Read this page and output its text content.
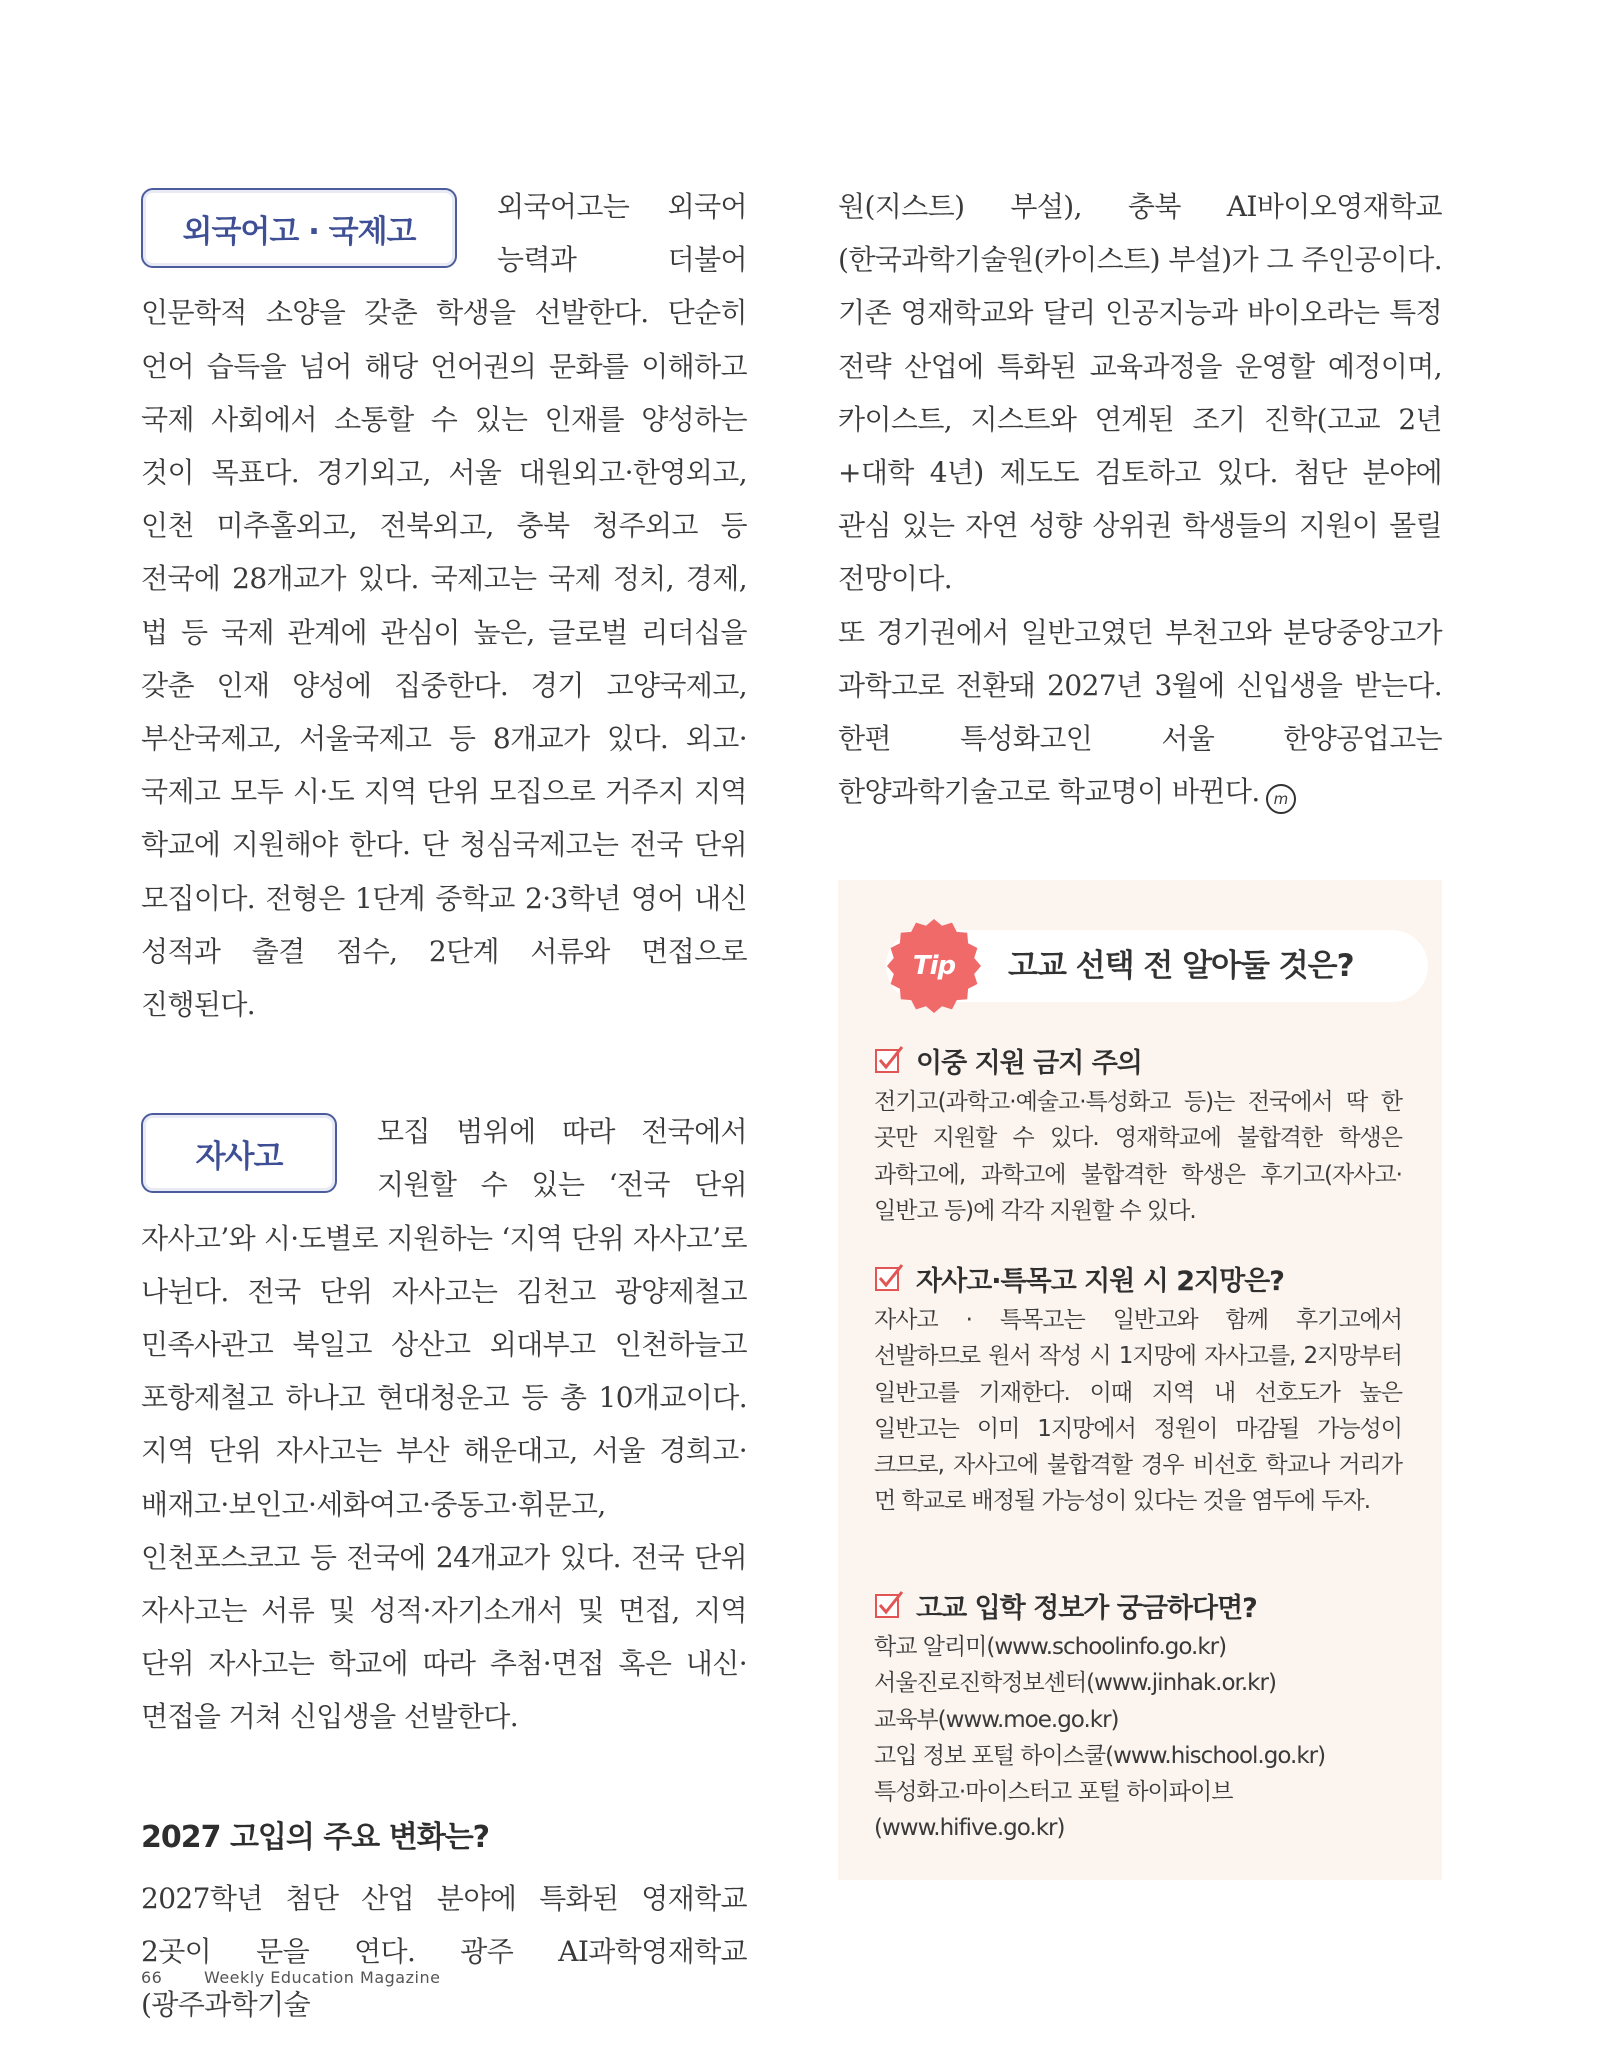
외국어고 · 국제고

외국어고는 외국어 능력과 더불어 인문학적 소양을 갖춘 학생을 선발한다. 단순히 언어 습득을 넘어 해당 언어권의 문화를 이해하고 국제 사회에서 소통할 수 있는 인재를 양성하는 것이 목표다. 경기외고, 서울 대원외고·한영외고, 인천 미추홀외고, 전북외고, 충북 청주외고 등 전국에 28개교가 있다. 국제고는 국제 정치, 경제, 법 등 국제 관계에 관심이 높은, 글로벌 리더십을 갖춘 인재 양성에 집중한다. 경기 고양국제고, 부산국제고, 서울국제고 등 8개교가 있다. 외고·국제고 모두 시·도 지역 단위 모집으로 거주지 지역 학교에 지원해야 한다. 단 청심국제고는 전국 단위 모집이다. 전형은 1단계 중학교 2·3학년 영어 내신 성적과 출결 점수, 2단계 서류와 면접으로 진행된다.

자사고

모집 범위에 따라 전국에서 지원할 수 있는 ‘전국 단위 자사고’와 시·도별로 지원하는 ‘지역 단위 자사고’로 나뉜다. 전국 단위 자사고는 김천고 광양제철고 민족사관고 북일고 상산고 외대부고 인천하늘고 포항제철고 하나고 현대청운고 등 총 10개교이다. 지역 단위 자사고는 부산 해운대고, 서울 경희고·배재고·보인고·세화여고·중동고·휘문고, 인천포스코고 등 전국에 24개교가 있다. 전국 단위 자사고는 서류 및 성적·자기소개서 및 면접, 지역 단위 자사고는 학교에 따라 추첨·면접 혹은 내신·면접을 거쳐 신입생을 선발한다.

2027 고입의 주요 변화는?

2027학년 첨단 산업 분야에 특화된 영재학교 2곳이 문을 연다. 광주 AI과학영재학교(광주과학기술

원(지스트) 부설), 충북 AI바이오영재학교(한국과학기술원(카이스트) 부설)가 그 주인공이다. 기존 영재학교와 달리 인공지능과 바이오라는 특정 전략 산업에 특화된 교육과정을 운영할 예정이며, 카이스트, 지스트와 연계된 조기 진학(고교 2년+대학 4년) 제도도 검토하고 있다. 첨단 분야에 관심 있는 자연 성향 상위권 학생들의 지원이 몰릴 전망이다.

또 경기권에서 일반고였던 부천고와 분당중앙고가 과학고로 전환돼 2027년 3월에 신입생을 받는다. 한편 특성화고인 서울 한양공업고는 한양과학기술고로 학교명이 바뀐다. m

Tip	고교 선택 전 알아둘 것은?
이중 지원 금지 주의

전기고(과학고·예술고·특성화고 등)는 전국에서 딱 한 곳만 지원할 수 있다. 영재학교에 불합격한 학생은 과학고에, 과학고에 불합격한 학생은 후기고(자사고·일반고 등)에 각각 지원할 수 있다.

자사고·특목고 지원 시 2지망은?

자사고 · 특목고는 일반고와 함께 후기고에서 선발하므로 원서 작성 시 1지망에 자사고를, 2지망부터 일반고를 기재한다. 이때 지역 내 선호도가 높은 일반고는 이미 1지망에서 정원이 마감될 가능성이 크므로, 자사고에 불합격할 경우 비선호 학교나 거리가 먼 학교로 배정될 가능성이 있다는 것을 염두에 두자.

고교 입학 정보가 궁금하다면?

학교 알리미(www.schoolinfo.go.kr)
서울진로진학정보센터(www.jinhak.or.kr)
교육부(www.moe.go.kr)
고입 정보 포털 하이스쿨(www.hischool.go.kr)
특성화고·마이스터고 포털 하이파이브
(www.hifive.go.kr)

66	Weekly Education Magazine
